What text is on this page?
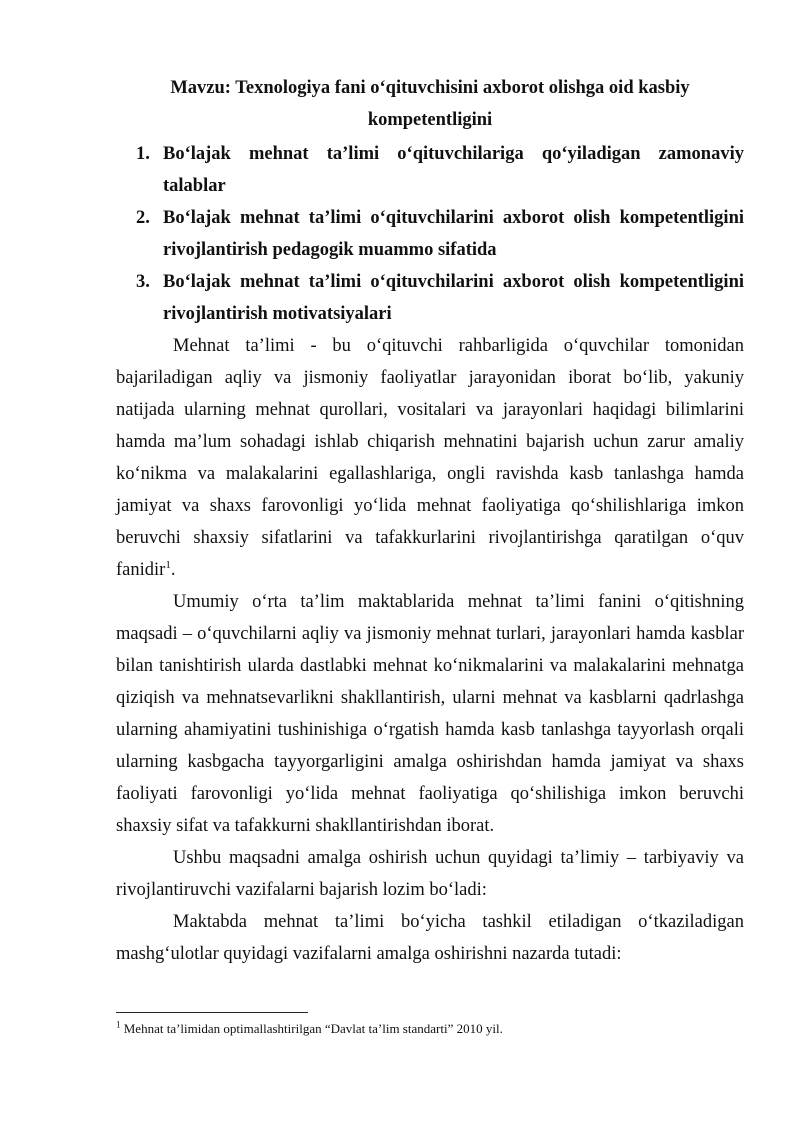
Mavzu: Texnologiya fani o‘qituvchisini axborot olishga oid kasbiy
kompetentligini
1. Bo‘lajak mehnat ta’limi o‘qituvchilariga qo‘yiladigan zamonaviy
talablar
2. Bo‘lajak mehnat ta’limi o‘qituvchilarini axborot olish kompetentligini
rivojlantirish pedagogik muammo sifatida
3. Bo‘lajak mehnat ta’limi o‘qituvchilarini axborot olish kompetentligini
rivojlantirish motivatsiyalari
Mehnat ta’limi - bu o‘qituvchi rahbarligida o‘quvchilar tomonidan
bajariladigan aqliy va jismoniy faoliyatlar jarayonidan iborat bo‘lib, yakuniy
natijada ularning mehnat qurollari, vositalari va jarayonlari haqidagi bilimlarini
hamda ma’lum sohadagi ishlab chiqarish mehnatini bajarish uchun zarur amaliy
ko‘nikma va malakalarini egallashlariga, ongli ravishda kasb tanlashga hamda
jamiyat va shaxs farovonligi yo‘lida mehnat faoliyatiga qo‘shilishlariga imkon
beruvchi shaxsiy sifatlarini va tafakkurlarini rivojlantirishga qaratilgan o‘quv
fanidir$^1$.
Umumiy o‘rta ta’lim maktablarida mehnat ta’limi fanini o‘qitishning
maqsadi – o‘quvchilarni aqliy va jismoniy mehnat turlari, jarayonlari hamda kasblar
bilan tanishtirish ularda dastlabki mehnat ko‘nikmalarini va malakalarini mehnatga
qiziqish va mehnatsevarlikni shakllantirish, ularni mehnat va kasblarni qadrlashga
ularning ahamiyatini tushinishiga o‘rgatish hamda kasb tanlashga tayyorlash orqali
ularning kasbgacha tayyorgarligini amalga oshirishdan hamda jamiyat va shaxs
faoliyati farovonligi yo‘lida mehnat faoliyatiga qo‘shilishiga imkon beruvchi
shaxsiy sifat va tafakkurni shakllantirishdan iborat.
Ushbu maqsadni amalga oshirish uchun quyidagi ta’limiy – tarbiyaviy va
rivojlantiruvchi vazifalarni bajarish lozim bo‘ladi:
Maktabda mehnat ta’limi bo‘yicha tashkil etiladigan o‘tkaziladigan
mashg‘ulotlar quyidagi vazifalarni amalga oshirishni nazarda tutadi:
$^1$ Mehnat ta’limidan optimallashtirilgan “Davlat ta’lim standarti” 2010 yil.
